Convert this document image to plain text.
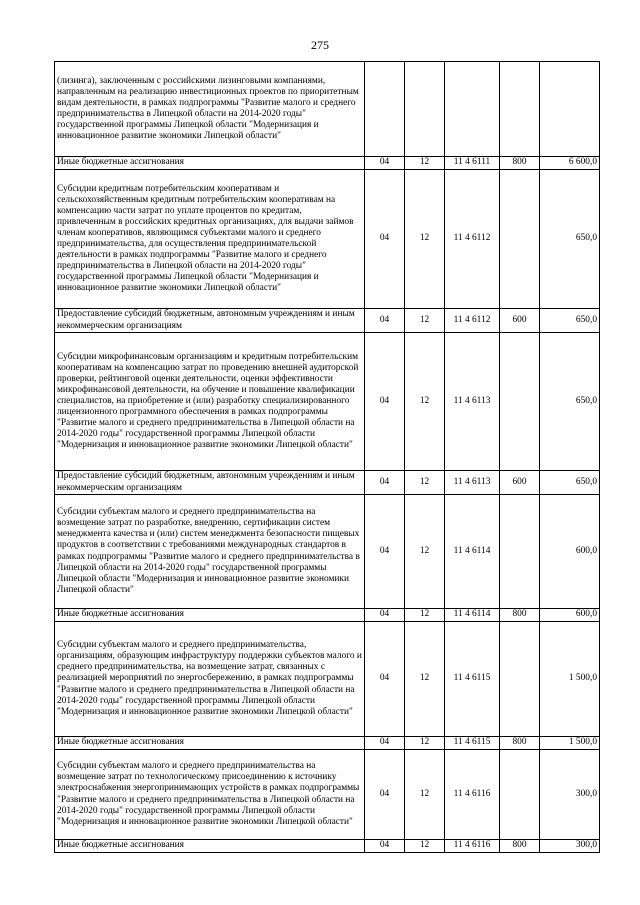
275
(лизинга), заключенным с российскими лизинговыми компаниями, направленным на реализацию инвестиционных проектов по приоритетным видам деятельности, в рамках подпрограммы "Развитие малого и среднего предпринимательства в Липецкой области на 2014-2020 годы" государственной программы Липецкой области "Модернизация и инновационное развитие экономики Липецкой области"					
Иные бюджетные ассигнования	04	12	11 4 6111	800	6 600,0
Субсидии кредитным потребительским кооперативам и сельскохозяйственным кредитным потребительским кооперативам на компенсацию части затрат по уплате процентов по кредитам, привлеченным в российских кредитных организациях, для выдачи займов членам кооперативов, являющимся субъектами малого и среднего предпринимательства, для осуществления предпринимательской деятельности в рамках подпрограммы "Развитие малого и среднего предпринимательства в Липецкой области на 2014-2020 годы" государственной программы Липецкой области "Модернизация и инновационное развитие экономики Липецкой области"	04	12	11 4 6112		650,0
Предоставление субсидий бюджетным, автономным учреждениям и иным некоммерческим организациям	04	12	11 4 6112	600	650,0
Субсидии микрофинансовым организациям и кредитным потребительским кооперативам на компенсацию затрат по проведению внешней аудиторской проверки, рейтинговой оценки деятельности, оценки эффективности микрофинансовой деятельности, на обучение и повышение квалификации специалистов, на приобретение и (или) разработку специализированного лицензионного программного обеспечения в рамках подпрограммы "Развитие малого и среднего предпринимательства в Липецкой области на 2014-2020 годы" государственной программы Липецкой области "Модернизация и инновационное развитие экономики Липецкой области"	04	12	11 4 6113		650,0
Предоставление субсидий бюджетным, автономным учреждениям и иным некоммерческим организациям	04	12	11 4 6113	600	650,0
Субсидии субъектам малого и среднего предпринимательства на возмещение затрат по разработке, внедрению, сертификации систем менеджмента качества и (или) систем менеджмента безопасности пищевых продуктов в соответствии с требованиями международных стандартов в рамках подпрограммы "Развитие малого и среднего предпринимательства в Липецкой области на 2014-2020 годы" государственной программы Липецкой области "Модернизация и инновационное развитие экономики Липецкой области"	04	12	11 4 6114		600,0
Иные бюджетные ассигнования	04	12	11 4 6114	800	600,0
Субсидии субъектам малого и среднего предпринимательства, организациям, образующим инфраструктуру поддержки субъектов малого и среднего предпринимательства, на возмещение затрат, связанных с реализацией мероприятий по энергосбережению, в рамках подпрограммы "Развитие малого и среднего предпринимательства в Липецкой области на 2014-2020 годы" государственной программы Липецкой области "Модернизация и инновационное развитие экономики Липецкой области"	04	12	11 4 6115		1 500,0
Иные бюджетные ассигнования	04	12	11 4 6115	800	1 500,0
Субсидии субъектам малого и среднего предпринимательства на возмещение затрат по технологическому присоединению к источнику электроснабжения энергопринимающих устройств в рамках подпрограммы "Развитие малого и среднего предпринимательства в Липецкой области на 2014-2020 годы" государственной программы Липецкой области "Модернизация и инновационное развитие экономики Липецкой области"	04	12	11 4 6116		300,0
Иные бюджетные ассигнования	04	12	11 4 6116	800	300,0
